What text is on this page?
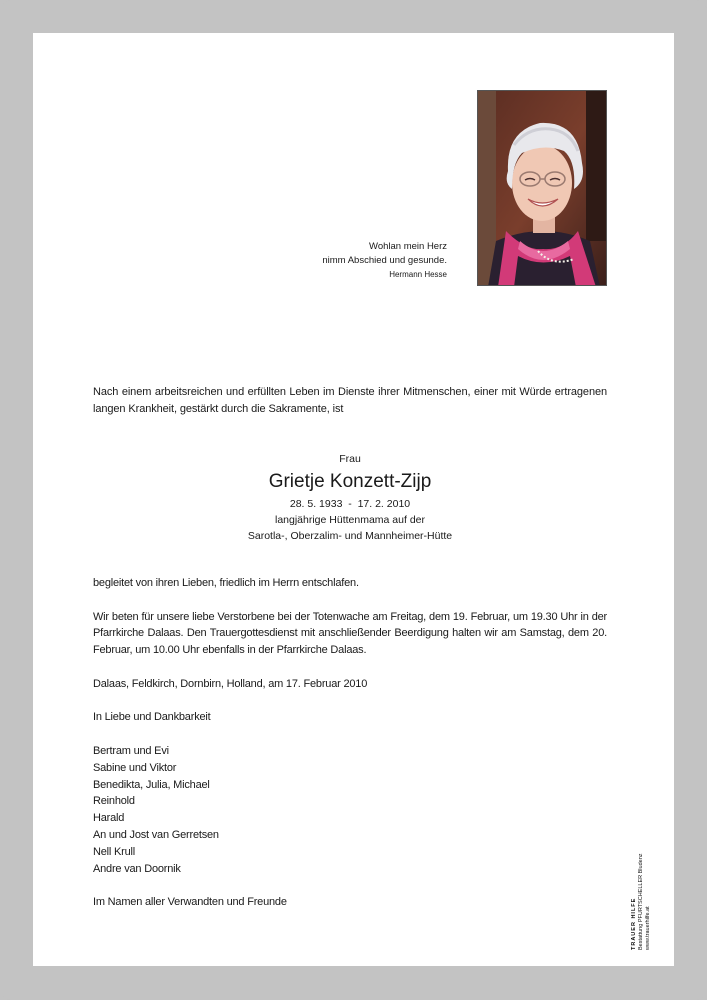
Wohlan mein Herz
nimm Abschied und gesunde.
Hermann Hesse
Nach einem arbeitsreichen und erfüllten Leben im Dienste ihrer Mitmenschen, einer mit Würde ertragenen langen Krankheit, gestärkt durch die Sakramente, ist
Frau
Grietje Konzett-Zijp
28. 5. 1933  -  17. 2. 2010
langjährige Hüttenmama auf der
Sarotla-, Oberzalim- und Mannheimer-Hütte

begleitet von ihren Lieben, friedlich im Herrn entschlafen.

Wir beten für unsere liebe Verstorbene bei der Totenwache am Freitag, dem 19. Februar, um 19.30 Uhr in der Pfarrkirche Dalaas. Den Trauergottesdienst mit anschließender Beerdigung halten wir am Samstag, dem 20. Februar, um 10.00 Uhr ebenfalls in der Pfarrkirche Dalaas.

Dalaas, Feldkirch, Dornbirn, Holland, am 17. Februar 2010

In Liebe und Dankbarkeit

Bertram und Evi

Sabine und Viktor

Benedikta, Julia, Michael

Reinhold

Harald

An und Jost van Gerretsen

Nell Krull

Andre van Doornik

Im Namen aller Verwandten und Freunde	TRAUER HILFE Bestattung PFURTSCHELLER Bludenz www.trauerhilfe.at
